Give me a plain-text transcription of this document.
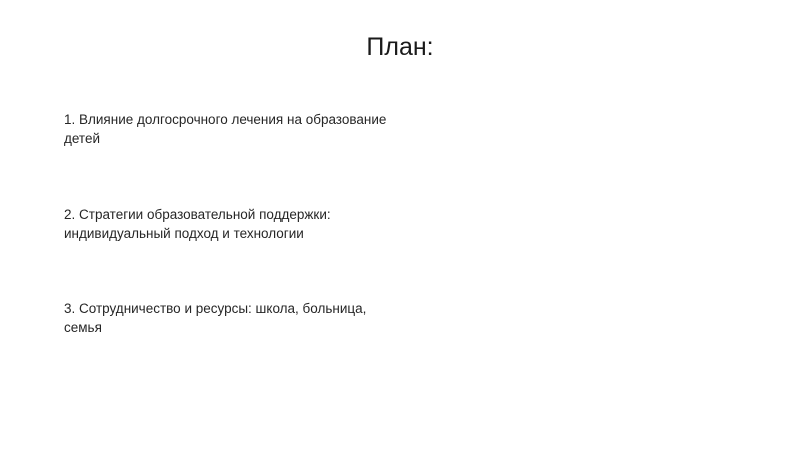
План:
1. Влияние долгосрочного лечения на образование детей
2. Стратегии образовательной поддержки: индивидуальный подход и технологии
3. Сотрудничество и ресурсы: школа, больница, семья
